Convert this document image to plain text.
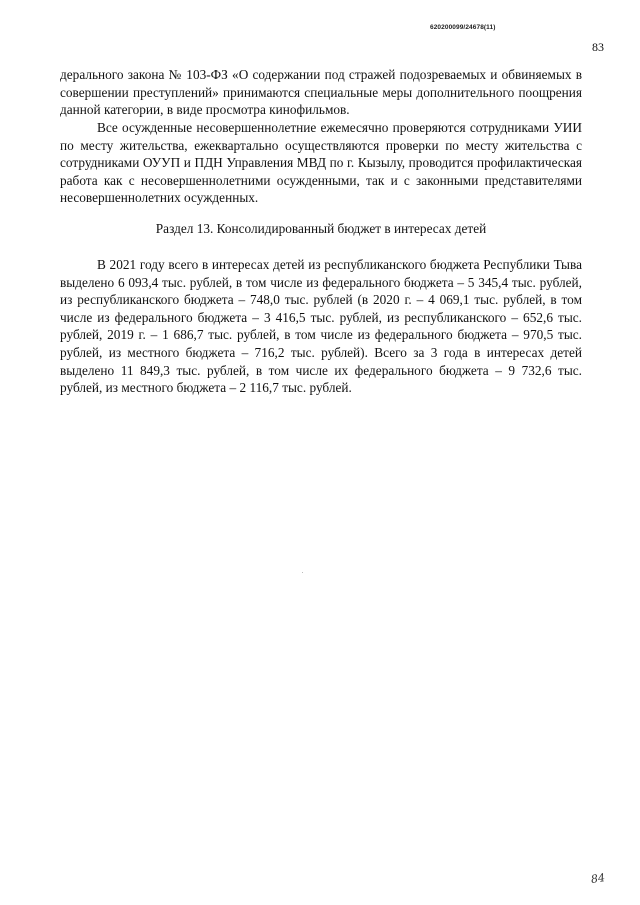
620200099/24678(11)
83

дерального закона № 103-ФЗ «О содержании под стражей подозреваемых и обвиняемых в совершении преступлений» принимаются специальные меры дополнительного поощрения данной категории, в виде просмотра кинофильмов.

Все осужденные несовершеннолетние ежемесячно проверяются сотрудниками УИИ по месту жительства, ежеквартально осуществляются проверки по месту жительства с сотрудниками ОУУП и ПДН Управления МВД по г. Кызылу, проводится профилактическая работа как с несовершеннолетними осужденными, так и с законными представителями несовершеннолетних осужденных.

Раздел 13. Консолидированный бюджет в интересах детей

В 2021 году всего в интересах детей из республиканского бюджета Республики Тыва выделено 6 093,4 тыс. рублей, в том числе из федерального бюджета – 5 345,4 тыс. рублей, из республиканского бюджета – 748,0 тыс. рублей (в 2020 г. – 4 069,1 тыс. рублей, в том числе из федерального бюджета – 3 416,5 тыс. рублей, из республиканского – 652,6 тыс. рублей, 2019 г. – 1 686,7 тыс. рублей, в том числе из федерального бюджета – 970,5 тыс. рублей, из местного бюджета – 716,2 тыс. рублей). Всего за 3 года в интересах детей выделено 11 849,3 тыс. рублей, в том числе их федерального бюджета – 9 732,6 тыс. рублей, из местного бюджета – 2 116,7 тыс. рублей.

84
